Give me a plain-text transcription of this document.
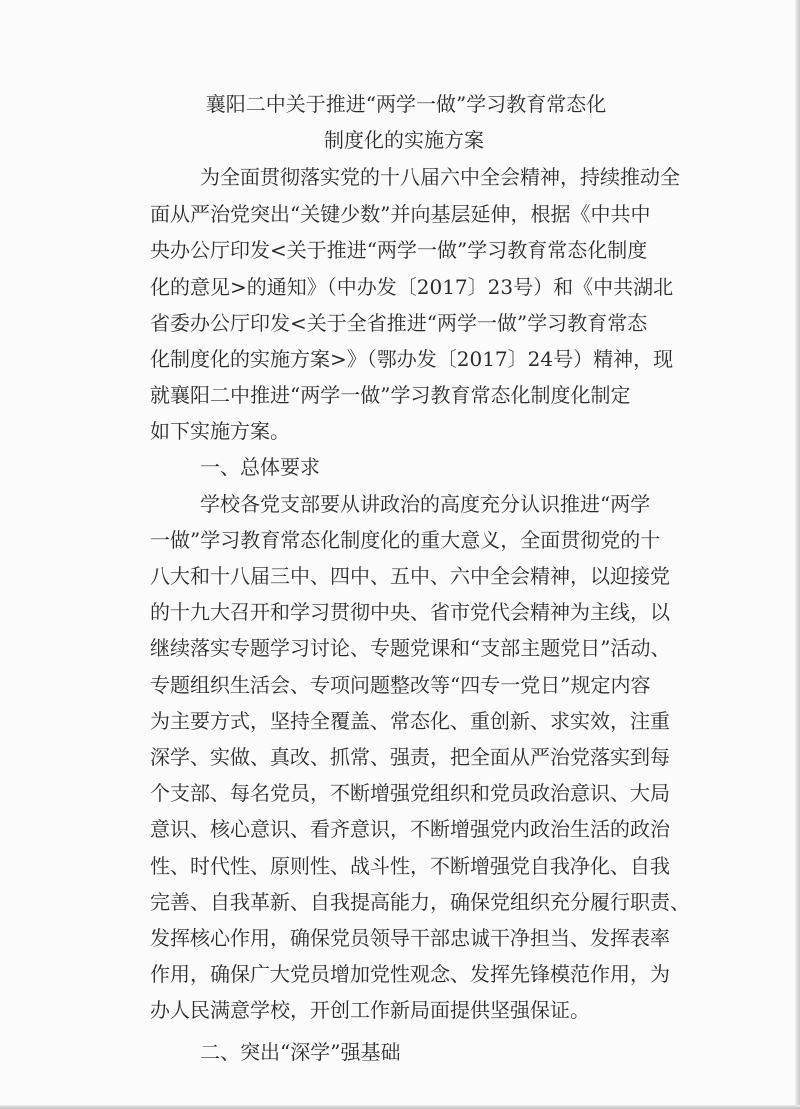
襄阳二中关于推进“两学一做”学习教育常态化
制度化的实施方案

为全面贯彻落实党的十八届六中全会精神，持续推动全

面从严治党突出“关键少数”并向基层延伸，根据《中共中

央办公厅印发<关于推进“两学一做”学习教育常态化制度

化的意见>的通知》（中办发〔2017〕23号）和《中共湖北

省委办公厅印发<关于全省推进“两学一做”学习教育常态

化制度化的实施方案>》（鄂办发〔2017〕24号）精神，现

就襄阳二中推进“两学一做”学习教育常态化制度化制定

如下实施方案。

一、总体要求

学校各党支部要从讲政治的高度充分认识推进“两学

一做”学习教育常态化制度化的重大意义，全面贯彻党的十

八大和十八届三中、四中、五中、六中全会精神，以迎接党

的十九大召开和学习贯彻中央、省市党代会精神为主线，以

继续落实专题学习讨论、专题党课和“支部主题党日”活动、

专题组织生活会、专项问题整改等“四专一党日”规定内容

为主要方式，坚持全覆盖、常态化、重创新、求实效，注重

深学、实做、真改、抓常、强责，把全面从严治党落实到每

个支部、每名党员，不断增强党组织和党员政治意识、大局

意识、核心意识、看齐意识，不断增强党内政治生活的政治

性、时代性、原则性、战斗性，不断增强党自我净化、自我

完善、自我革新、自我提高能力，确保党组织充分履行职责、

发挥核心作用，确保党员领导干部忠诚干净担当、发挥表率

作用，确保广大党员增加党性观念、发挥先锋模范作用，为

办人民满意学校，开创工作新局面提供坚强保证。

二、突出“深学”强基础
